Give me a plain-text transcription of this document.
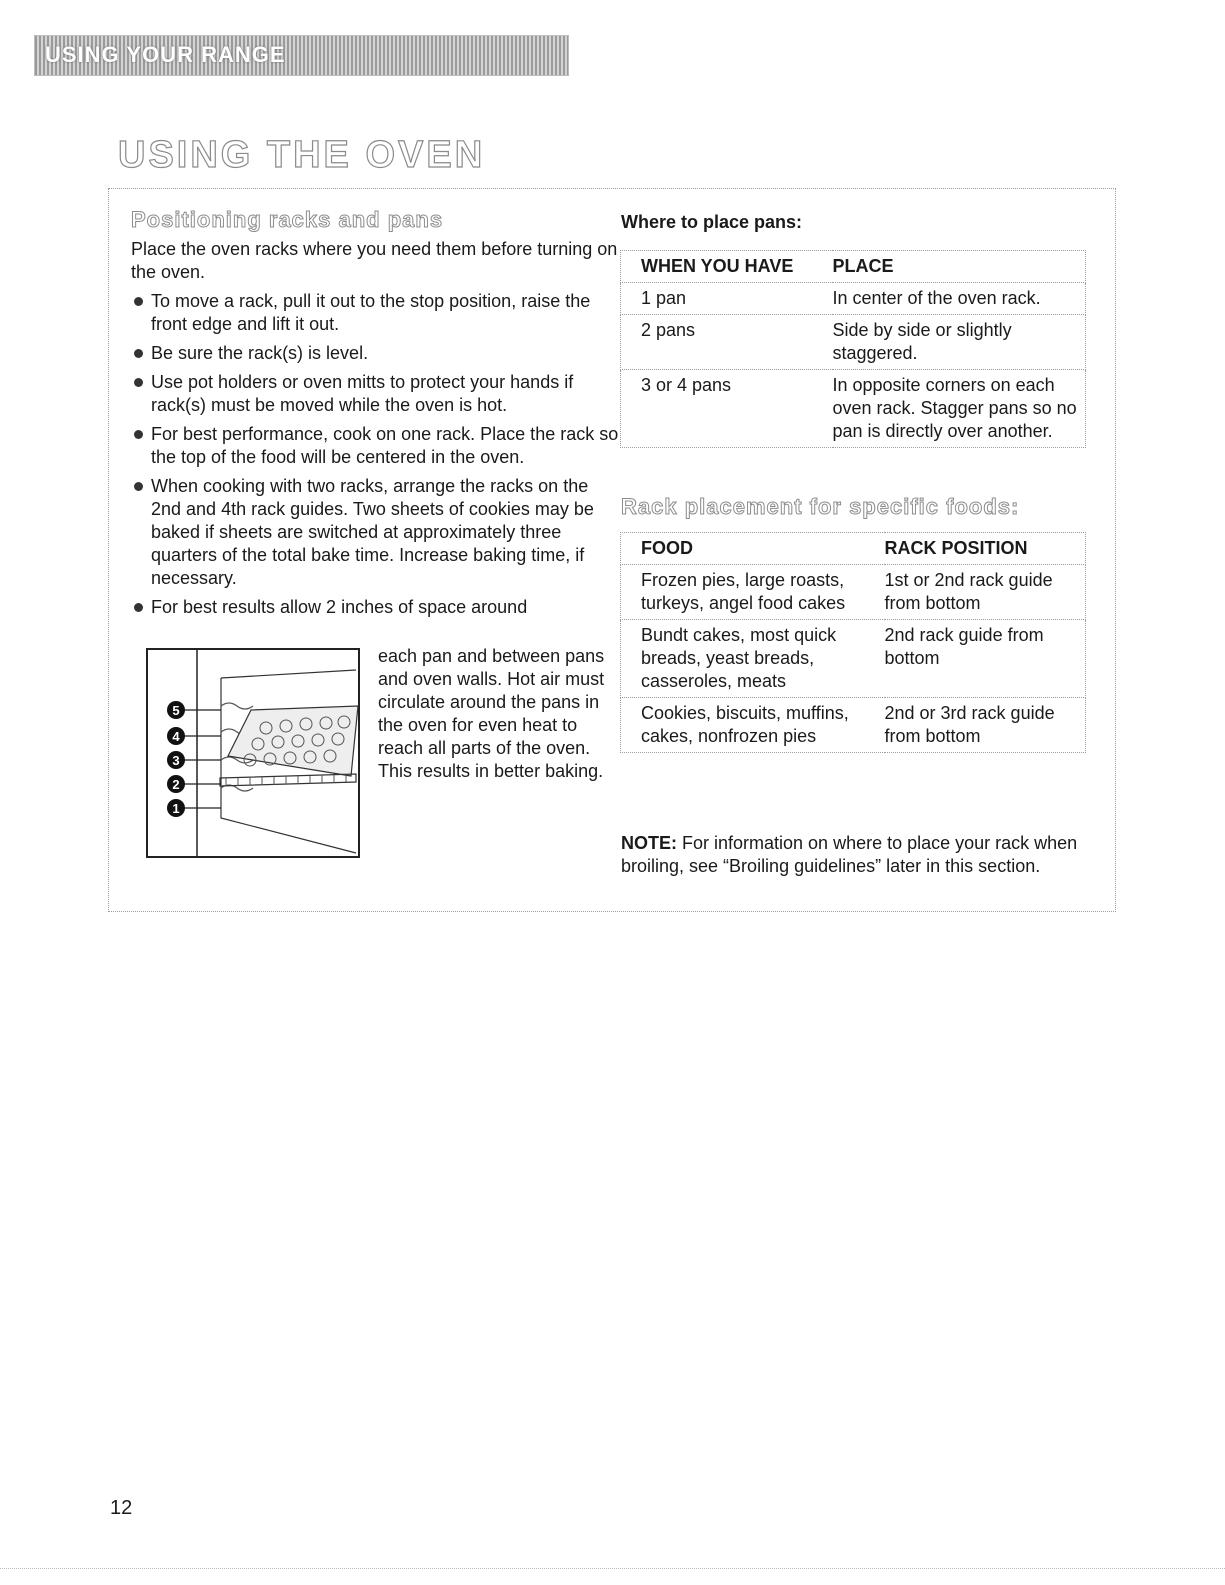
USING YOUR RANGE
USING THE OVEN
Positioning racks and pans

Place the oven racks where you need them before turning on the oven.

To move a rack, pull it out to the stop position, raise the front edge and lift it out.
Be sure the rack(s) is level.
Use pot holders or oven mitts to protect your hands if rack(s) must be moved while the oven is hot.
For best performance, cook on one rack. Place the rack so the top of the food will be centered in the oven.
When cooking with two racks, arrange the racks on the 2nd and 4th rack guides. Two sheets of cookies may be baked if sheets are switched at approximately three quarters of the total bake time. Increase baking time, if necessary.
For best results allow 2 inches of space around
5
4
3
2
1
each pan and between pans and oven walls. Hot air must circulate around the pans in the oven for even heat to reach all parts of the oven. This results in better baking.
Where to place pans:
WHEN YOU HAVE	PLACE
1 pan	In center of the oven rack.
2 pans	Side by side or slightly staggered.
3 or 4 pans	In opposite corners on each oven rack. Stagger pans so no pan is directly over another.
Rack placement for specific foods:
FOOD	RACK POSITION
Frozen pies, large roasts, turkeys, angel food cakes	1st or 2nd rack guide from bottom
Bundt cakes, most quick breads, yeast breads, casseroles, meats	2nd rack guide from bottom
Cookies, biscuits, muffins, cakes, nonfrozen pies	2nd or 3rd rack guide from bottom
NOTE: For information on where to place your rack when broiling, see “Broiling guidelines” later in this section.
12
